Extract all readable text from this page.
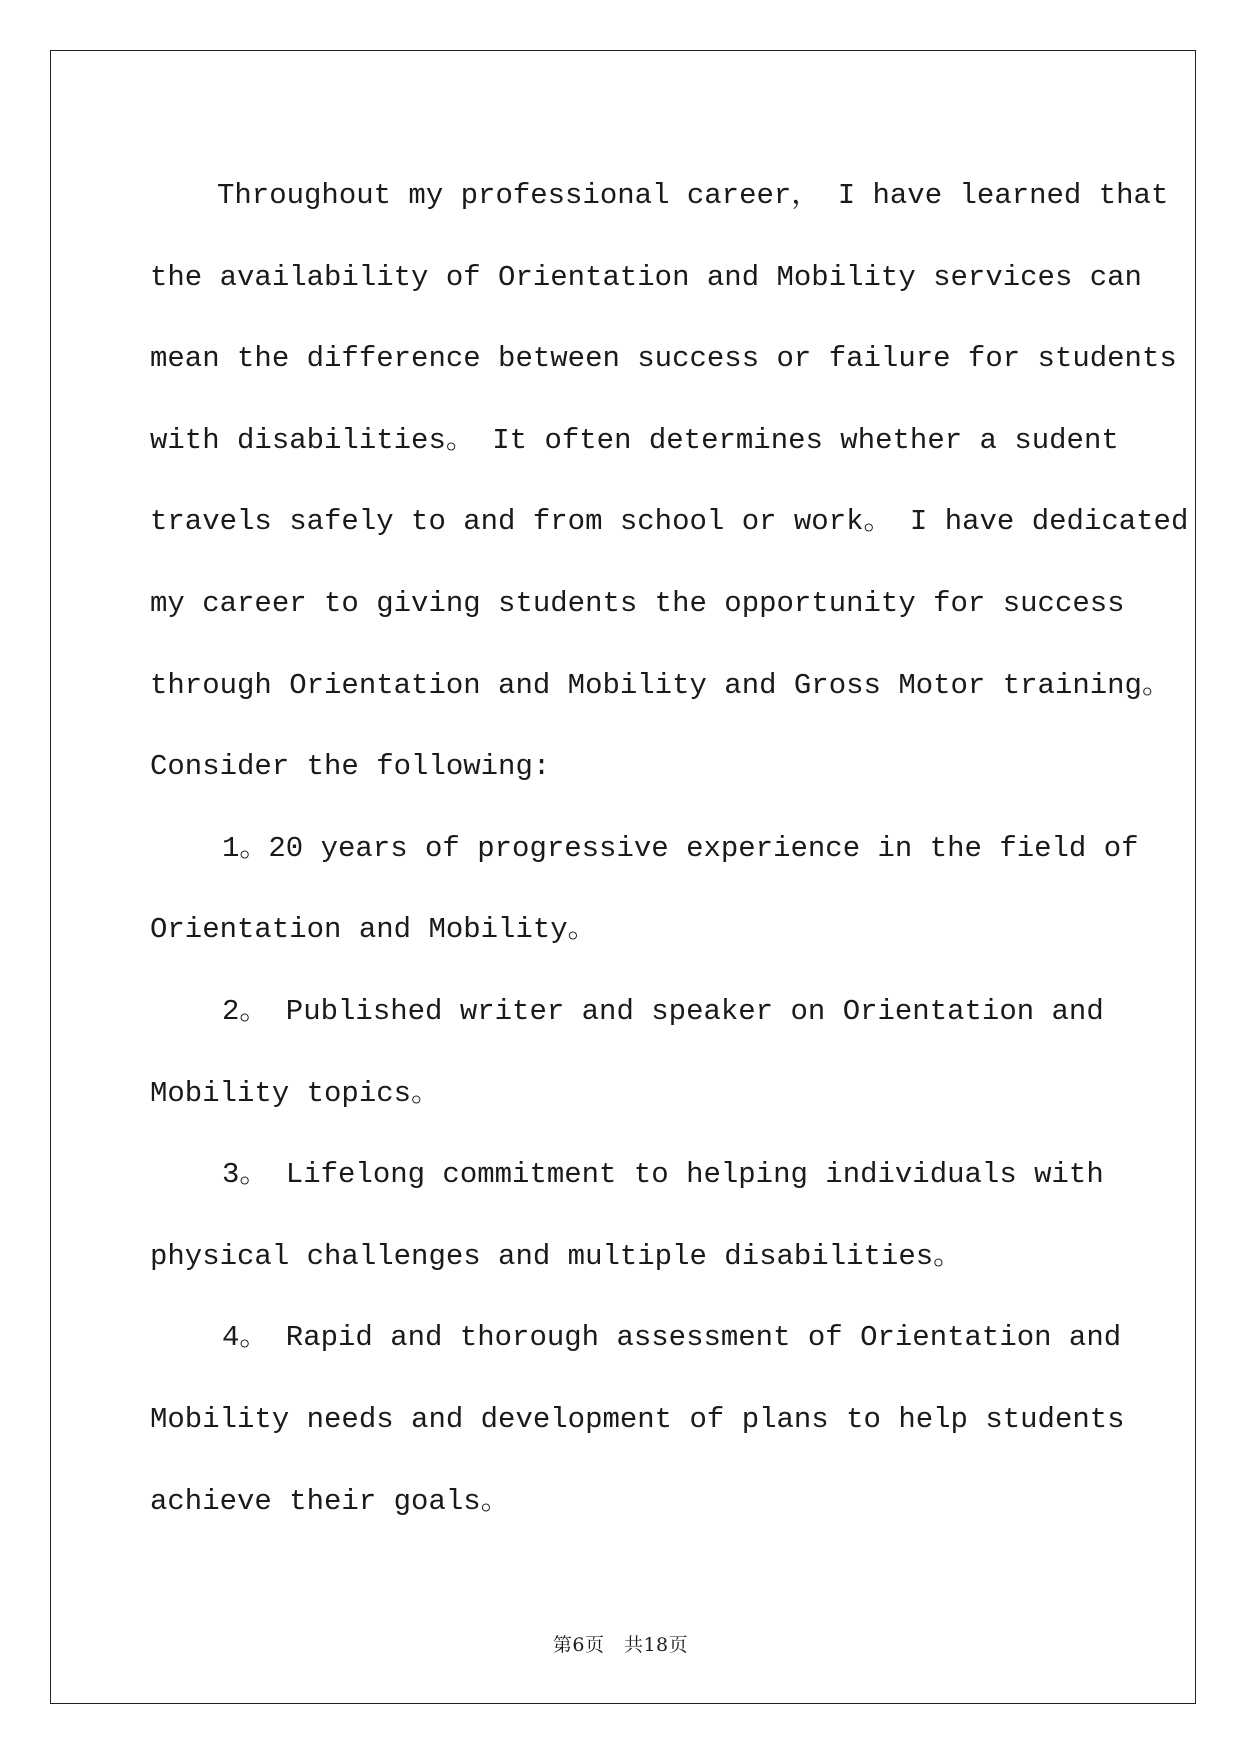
Throughout my professional career， I have learned that
the availability of Orientation and Mobility services can
mean the difference between success or failure for students
with disabilities。 It often determines whether a sudent
travels safely to and from school or work。 I have dedicated
my career to giving students the opportunity for success
through Orientation and Mobility and Gross Motor training。
Consider the following:
1。20 years of progressive experience in the field of
Orientation and Mobility。
2。 Published writer and speaker on Orientation and
Mobility topics。
3。 Lifelong commitment to helping individuals with
physical challenges and multiple disabilities。
4。 Rapid and thorough assessment of Orientation and
Mobility needs and development of plans to help students
achieve their goals。
第6页　共18页
